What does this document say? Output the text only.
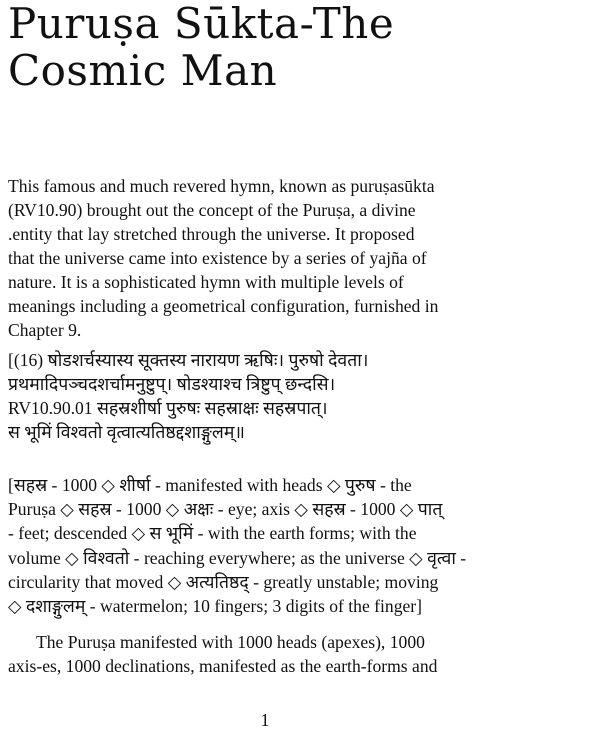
Puruṣa Sūkta-The
Cosmic Man

This famous and much revered hymn, known as puruṣasūkta
(RV10.90) brought out the concept of the Puruṣa, a divine
.entity that lay stretched through the universe. It proposed
that the universe came into existence by a series of yajña of
nature. It is a sophisticated hymn with multiple levels of
meanings including a geometrical configuration, furnished in
Chapter 9.

[(16) षोडशर्चस्यास्य सूक्तस्य नारायण ऋषिः। पुरुषो देवता।
प्रथमादिपञ्चदशर्चामनुष्टुप्। षोडश्याश्च त्रिष्टुप् छन्दसि।
RV10.90.01 सहस्रशीर्षा पुरुषः सहस्राक्षः सहस्रपात्।
स भूमिं विश्वतो वृत्वात्यतिष्ठद्दशाङ्गुलम्॥

[सहस्र - 1000 ◇ शीर्षा - manifested with heads ◇ पुरुष - the
Puruṣa ◇ सहस्र - 1000 ◇ अक्षः - eye; axis ◇ सहस्र - 1000 ◇ पात्
- feet; descended ◇ स भूमिं - with the earth forms; with the
volume ◇ विश्वतो - reaching everywhere; as the universe ◇ वृत्वा -
circularity that moved ◇ अत्यतिष्ठद् - greatly unstable; moving
◇ दशाङ्गुलम् - watermelon; 10 fingers; 3 digits of the finger]

The Puruṣa manifested with 1000 heads (apexes), 1000
axis-es, 1000 declinations, manifested as the earth-forms and

1
